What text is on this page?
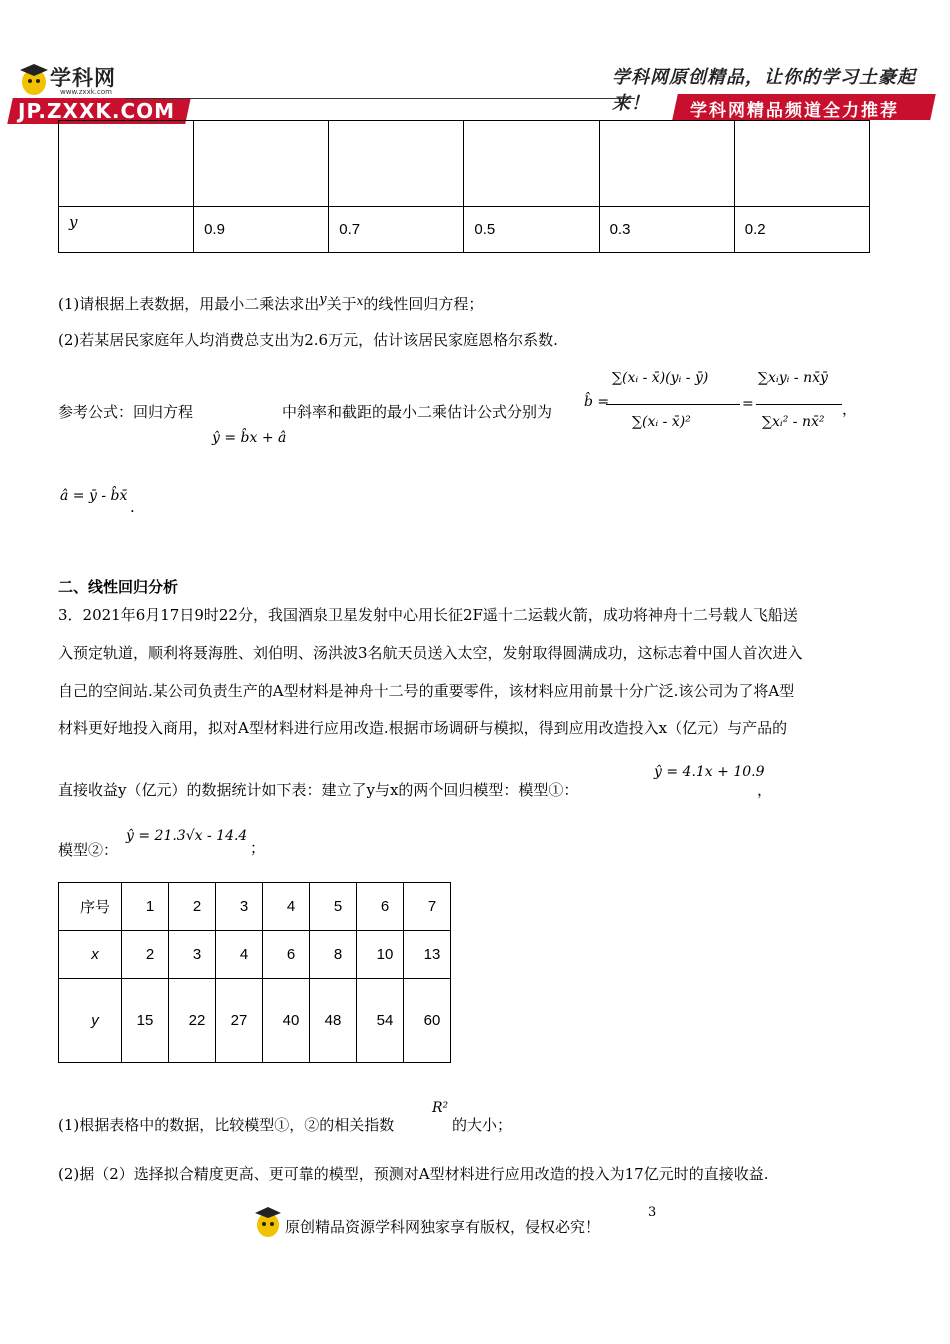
学科网
www.zxxk.com
JP.ZXXK.COM
学科网原创精品，让你的学习土豪起来！	学科网精品频道全力推荐

y	0.9	0.7	0.5	0.3	0.2
(1)请根据上表数据，用最小二乘法求出y关于$^x$的线性回归方程；
(2)若某居民家庭年人均消费总支出为2.6万元，估计该居民家庭恩格尔系数.
参考公式：回归方程	中斜率和截距的最小二乘估计公式分别为
ŷ = b̂x + â
b̂ =
∑(xᵢ - x̄)(yᵢ - ȳ)
∑(xᵢ - x̄)²
=
∑xᵢyᵢ - nx̄ȳ
∑xᵢ² - nx̄²
，
â = ȳ - b̂x̄
.
二、线性回归分析
3．2021年6月17日9时22分，我国酒泉卫星发射中心用长征2F遥十二运载火箭，成功将神舟十二号载人飞船送
入预定轨道，顺利将聂海胜、刘伯明、汤洪波3名航天员送入太空，发射取得圆满成功，这标志着中国人首次进入
自己的空间站.某公司负责生产的A型材料是神舟十二号的重要零件，该材料应用前景十分广泛.该公司为了将A型
材料更好地投入商用，拟对A型材料进行应用改造.根据市场调研与模拟，得到应用改造投入x（亿元）与产品的
直接收益y（亿元）的数据统计如下表：建立了y与x的两个回归模型：模型①：
ŷ = 4.1x + 10.9
，
模型②：
ŷ = 21.3√x - 14.4
；
序号	1	2	3	4	5	6	7
x	2	3	4	6	8	10	13
y	15	22	27	40	48	54	60
(1)根据表格中的数据，比较模型①，②的相关指数
R²
的大小；
(2)据（2）选择拟合精度更高、更可靠的模型，预测对A型材料进行应用改造的投入为17亿元时的直接收益.
原创精品资源学科网独家享有版权，侵权必究！
3
